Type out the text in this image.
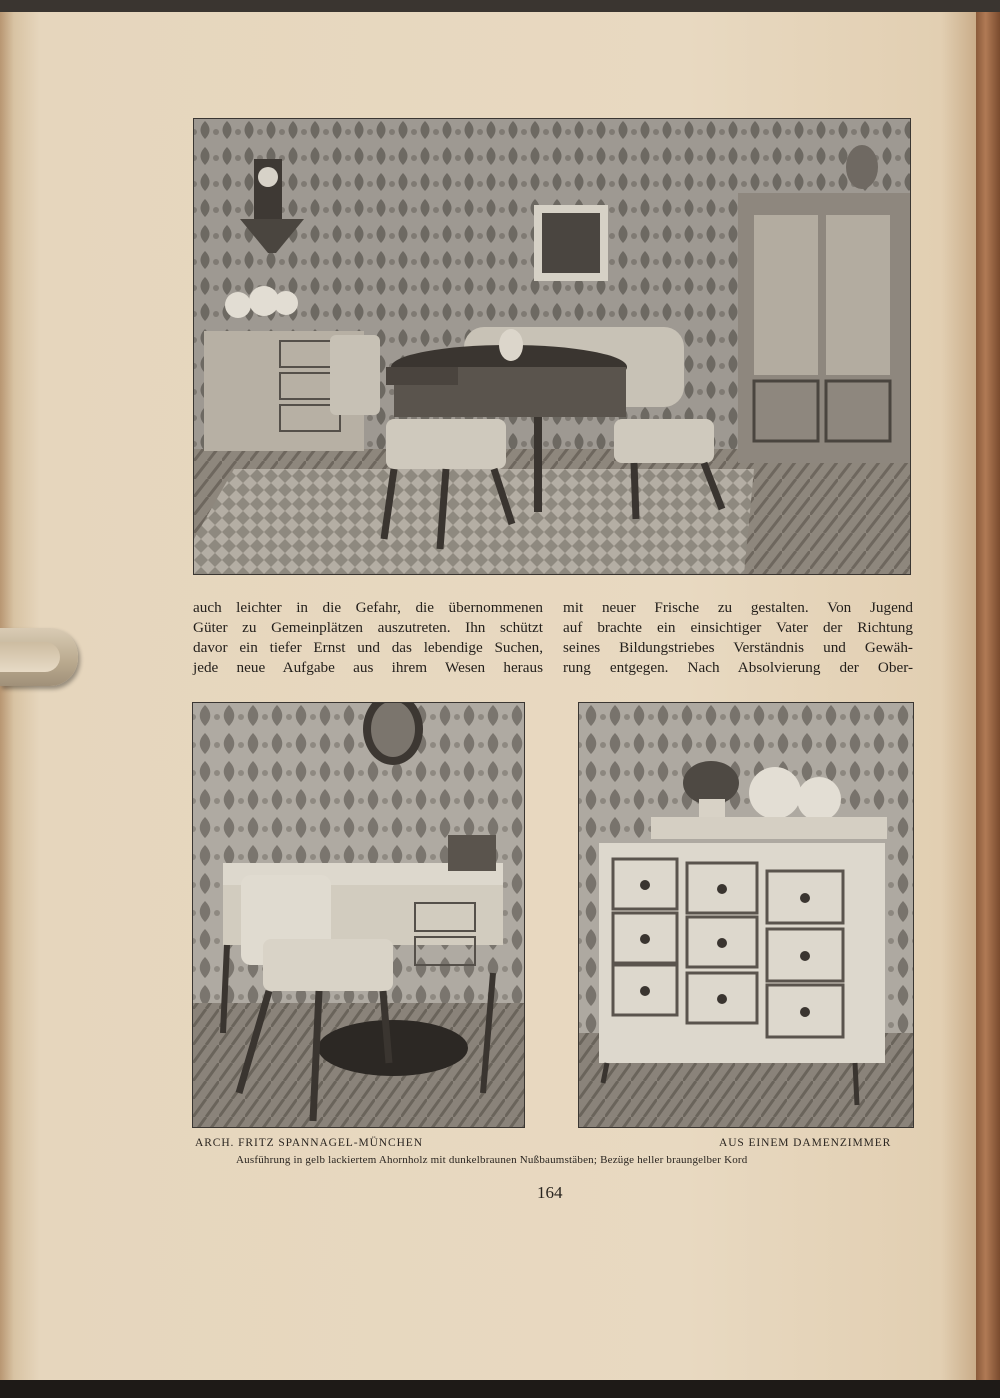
auch leichter in die Gefahr, die übernommenen
Güter zu Gemeinplätzen auszutreten. Ihn schützt
davor ein tiefer Ernst und das lebendige Suchen,
jede neue Aufgabe aus ihrem Wesen heraus
mit neuer Frische zu gestalten. Von Jugend
auf brachte ein einsichtiger Vater der Richtung
seines Bildungstriebes Verständnis und Gewäh-
rung entgegen. Nach Absolvierung der Ober-
ARCH. FRITZ SPANNAGEL-MÜNCHEN	AUS EINEM DAMENZIMMER
Ausführung in gelb lackiertem Ahornholz mit dunkelbraunen Nußbaumstäben; Bezüge heller braungelber Kord
164
